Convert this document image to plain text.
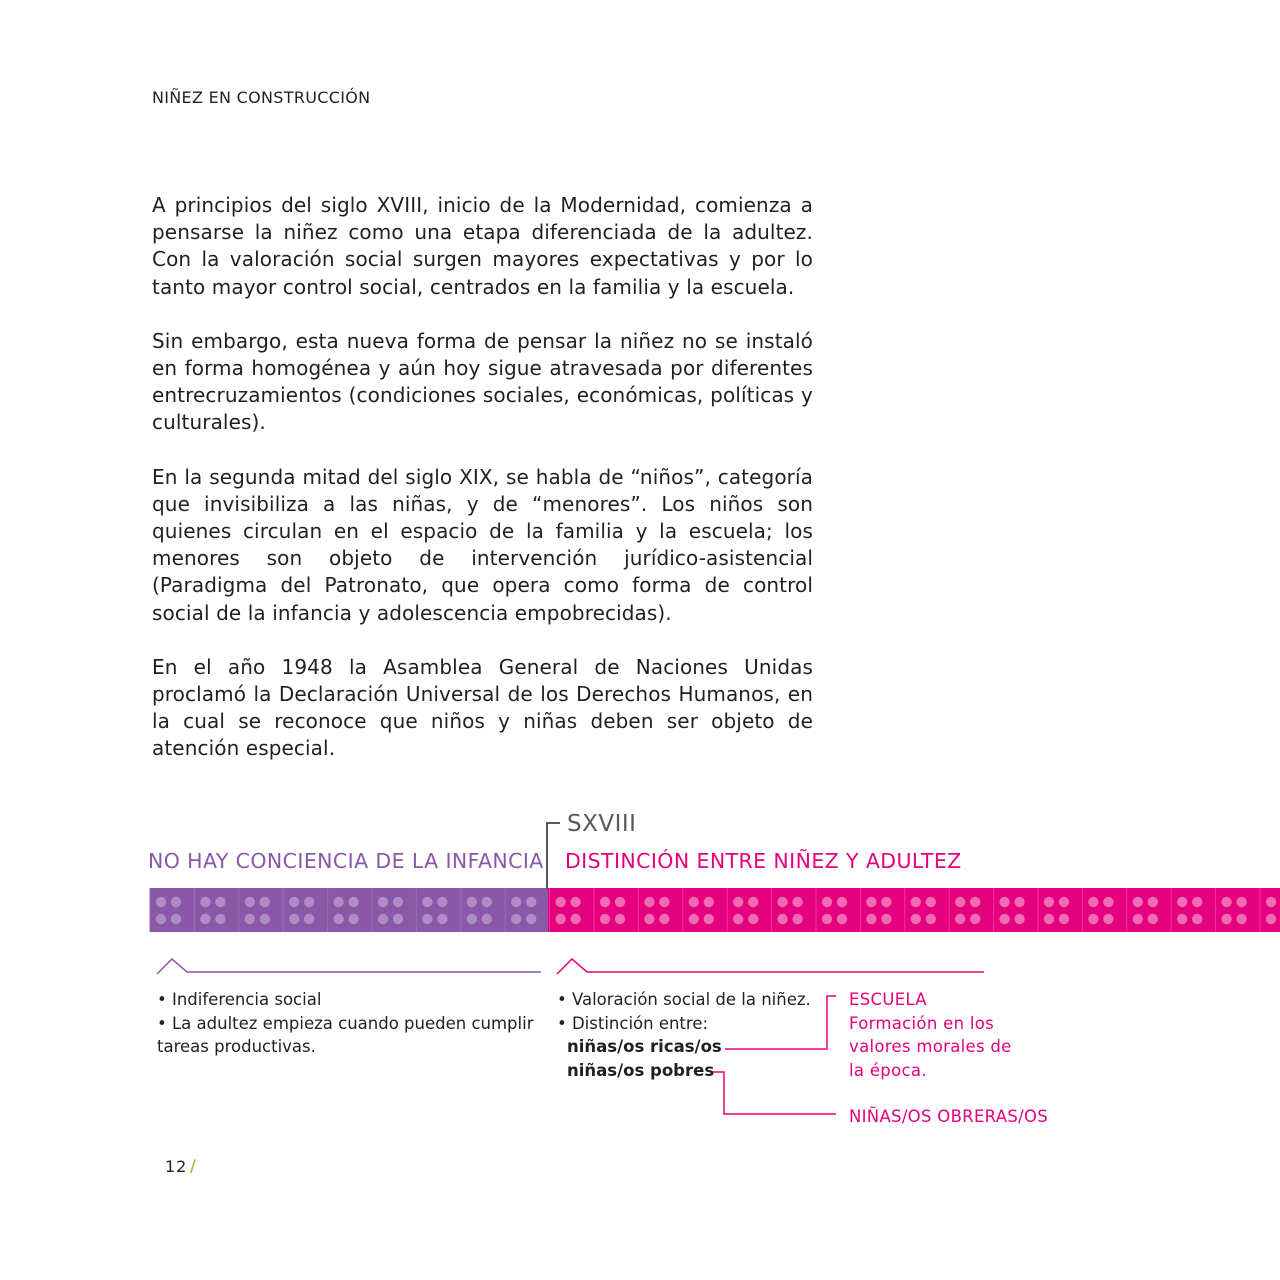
NIÑEZ EN CONSTRUCCIÓN

A principios del siglo XVIII, inicio de la Modernidad, comienza a pensarse la niñez como una etapa diferenciada de la adultez. Con la valoración social surgen mayores expectativas y por lo tanto mayor control social, centrados en la familia y la escuela.

Sin embargo, esta nueva forma de pensar la niñez no se instaló en forma homogénea y aún hoy sigue atravesada por diferentes entrecruzamientos (condiciones sociales, económicas, políticas y culturales).

En la segunda mitad del siglo XIX, se habla de “niños”, categoría que invisibiliza a las niñas, y de “menores”. Los niños son quienes circulan en el espacio de la familia y la escuela; los menores son objeto de intervención jurídico-asistencial (Paradigma del Patronato, que opera como forma de control social de la infancia y adolescencia empobrecidas).

En el año 1948 la Asamblea General de Naciones Unidas proclamó la Declaración Universal de los Derechos Humanos, en la cual se reconoce que niños y niñas deben ser objeto de atención especial.

SXVIII
NO HAY CONCIENCIA DE LA INFANCIA DISTINCIÓN ENTRE NIÑEZ Y ADULTEZ
• Indiferencia social
• La adultez empieza cuando pueden cumplir tareas productivas.
• Valoración social de la niñez.
• Distinción entre:
niñas/os ricas/os
niñas/os pobres
ESCUELA
Formación en los valores morales de la época.
NIÑAS/OS OBRERAS/OS
12 /
